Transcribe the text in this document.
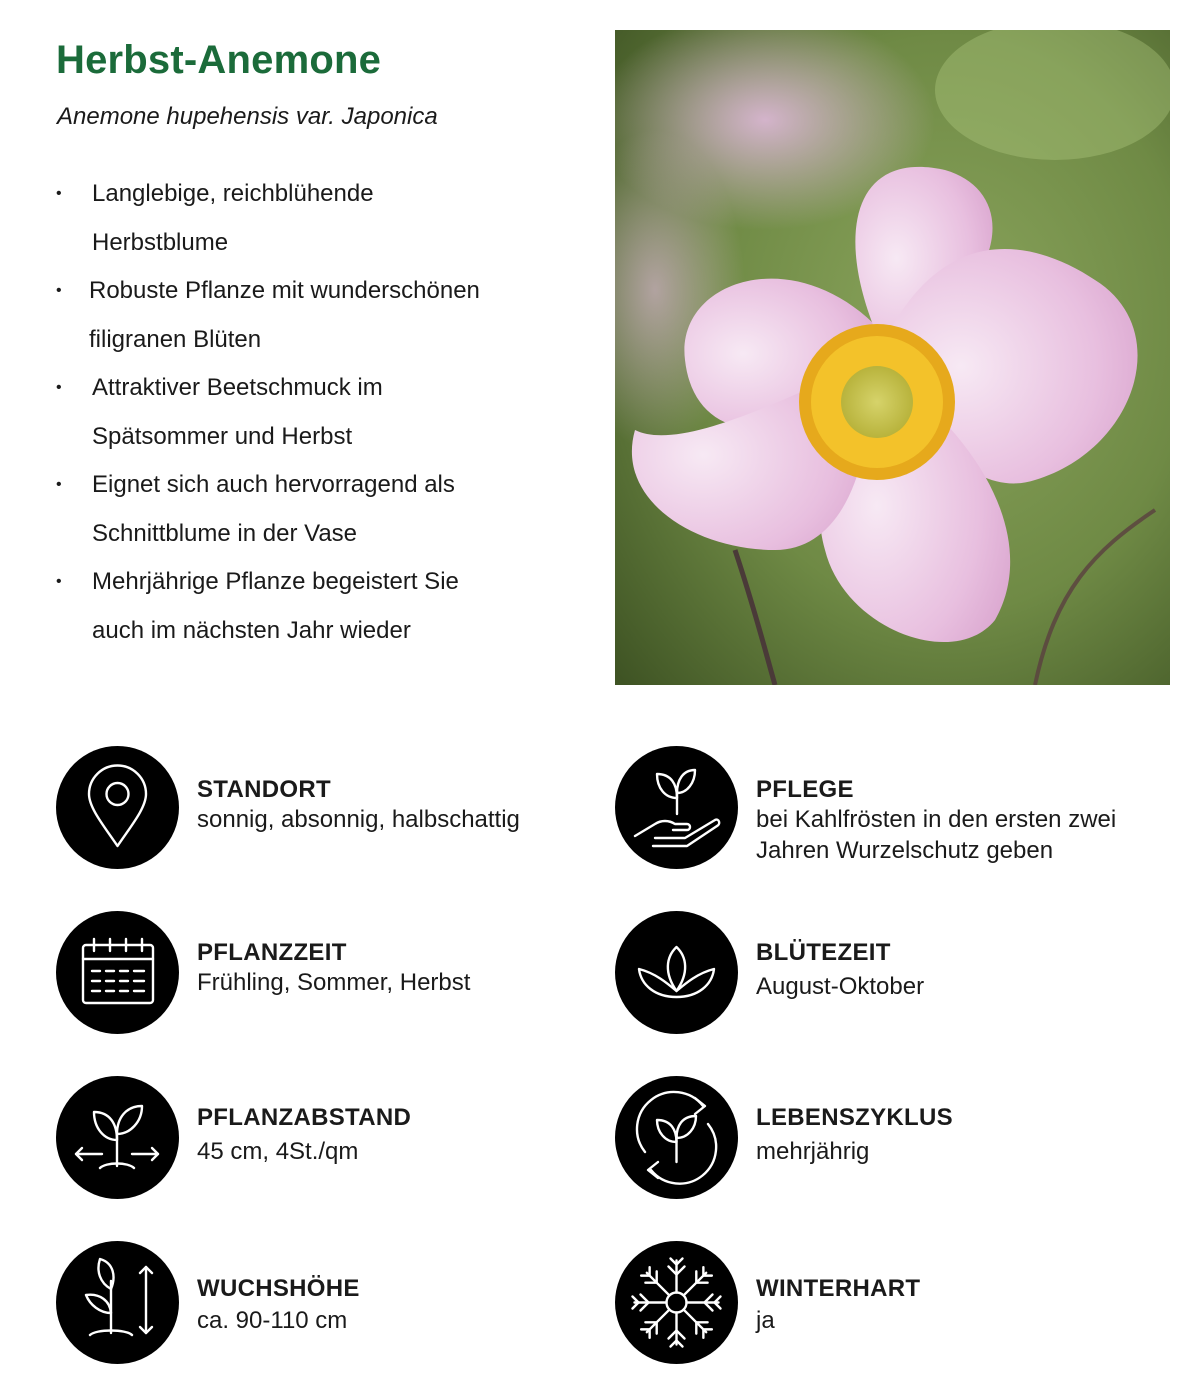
Herbst-Anemone
Anemone hupehensis var. Japonica
• Langlebige, reichblühende
Herbstblume
• Robuste Pflanze mit wunderschönen
filigranen Blüten
• Attraktiver Beetschmuck im
Spätsommer und Herbst
• Eignet sich auch hervorragend als
Schnittblume in der Vase
• Mehrjährige Pflanze begeistert Sie
auch im nächsten Jahr wieder
STANDORT
sonnig, absonnig, halbschattig
PFLEGE
bei Kahlfrösten in den ersten zwei
Jahren Wurzelschutz geben
PFLANZZEIT
Frühling, Sommer, Herbst
BLÜTEZEIT
August-Oktober
PFLANZABSTAND
45 cm, 4St./qm
LEBENSZYKLUS
mehrjährig
WUCHSHÖHE
ca. 90-110 cm
WINTERHART
ja
